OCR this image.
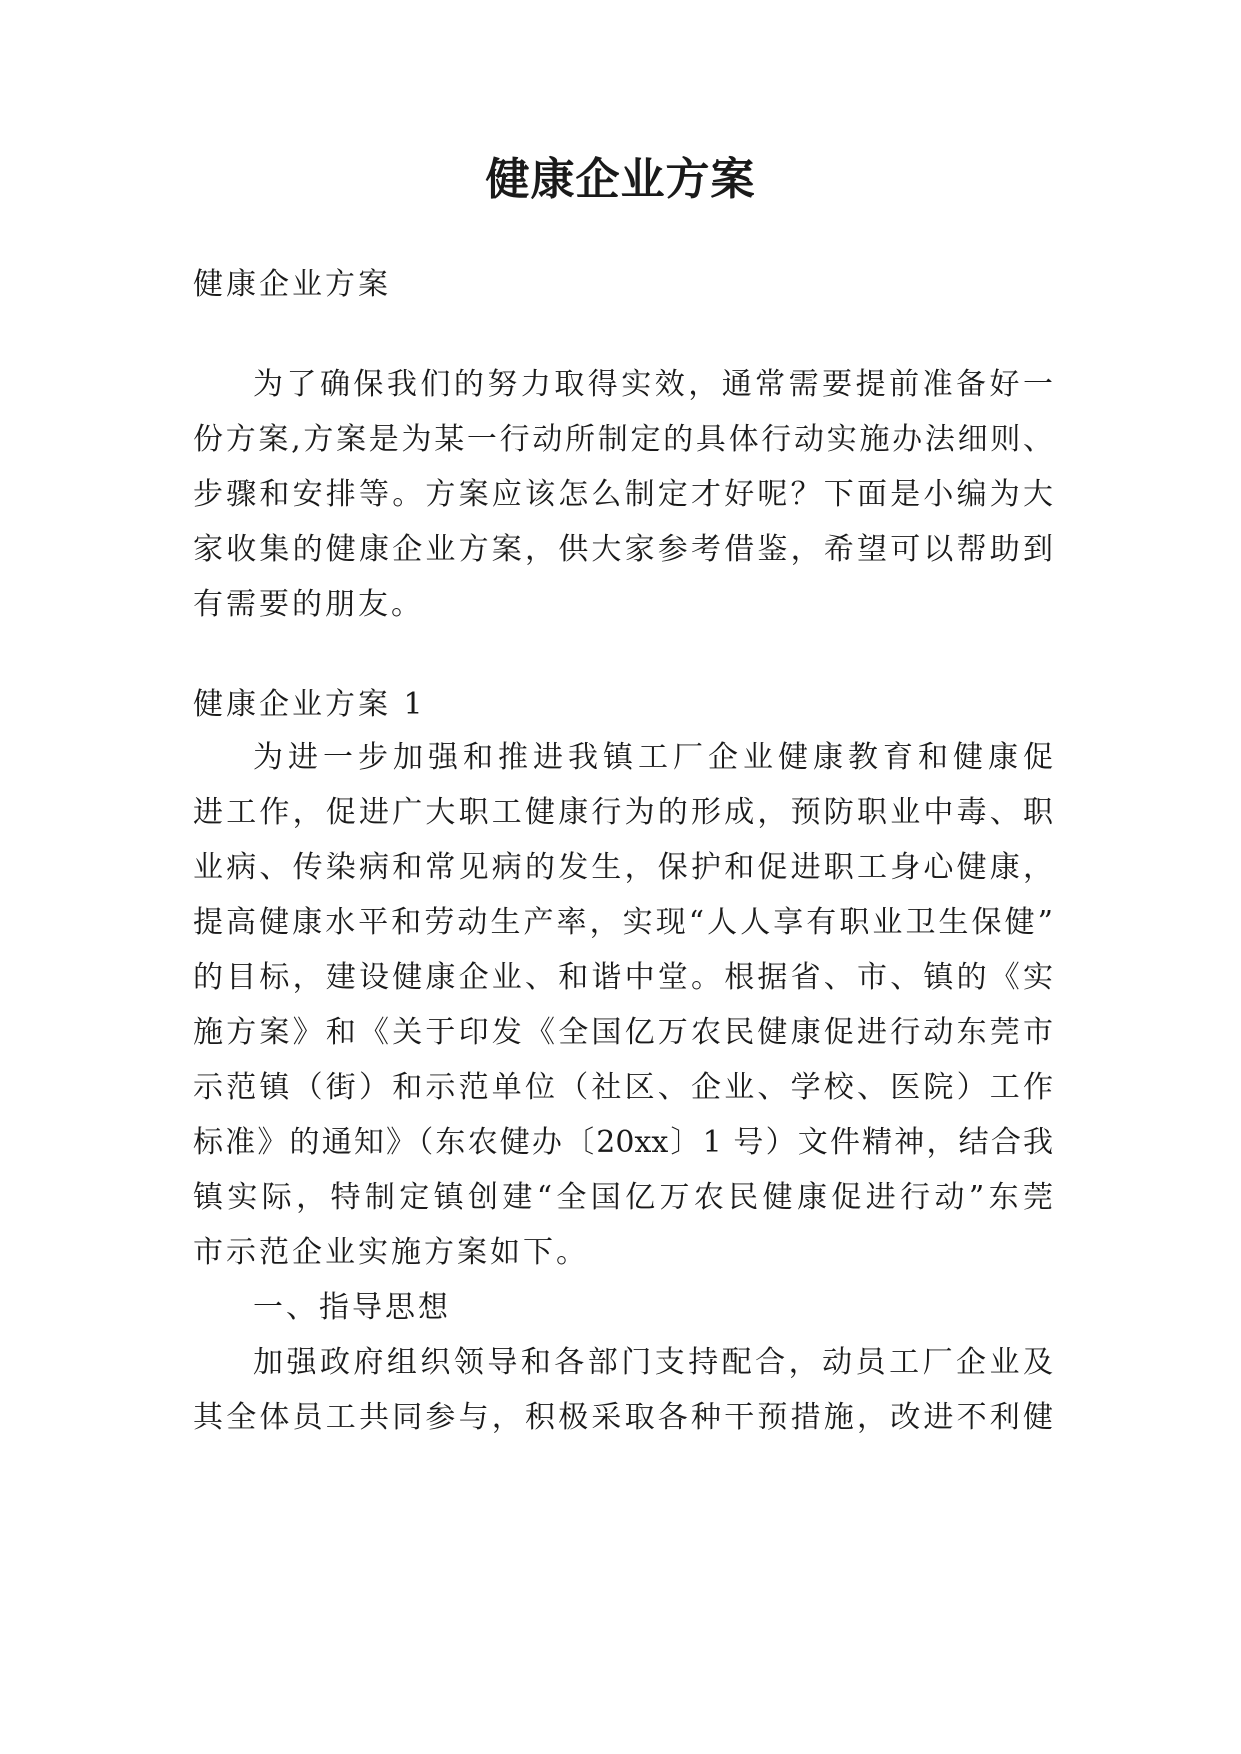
健康企业方案
健康企业方案
为了确保我们的努力取得实效，通常需要提前准备好一
份方案,方案是为某一行动所制定的具体行动实施办法细则、
步骤和安排等。方案应该怎么制定才好呢？下面是小编为大
家收集的健康企业方案，供大家参考借鉴，希望可以帮助到
有需要的朋友。
健康企业方案 1
为进一步加强和推进我镇工厂企业健康教育和健康促
进工作，促进广大职工健康行为的形成，预防职业中毒、职
业病、传染病和常见病的发生，保护和促进职工身心健康，
提高健康水平和劳动生产率，实现“人人享有职业卫生保健”
的目标，建设健康企业、和谐中堂。根据省、市、镇的《实
施方案》和《关于印发《全国亿万农民健康促进行动东莞市
示范镇（街）和示范单位（社区、企业、学校、医院）工作
标准》的通知》（东农健办〔20xx〕1 号）文件精神，结合我
镇实际，特制定镇创建“全国亿万农民健康促进行动”东莞
市示范企业实施方案如下。
一、指导思想
加强政府组织领导和各部门支持配合，动员工厂企业及
其全体员工共同参与，积极采取各种干预措施，改进不利健
